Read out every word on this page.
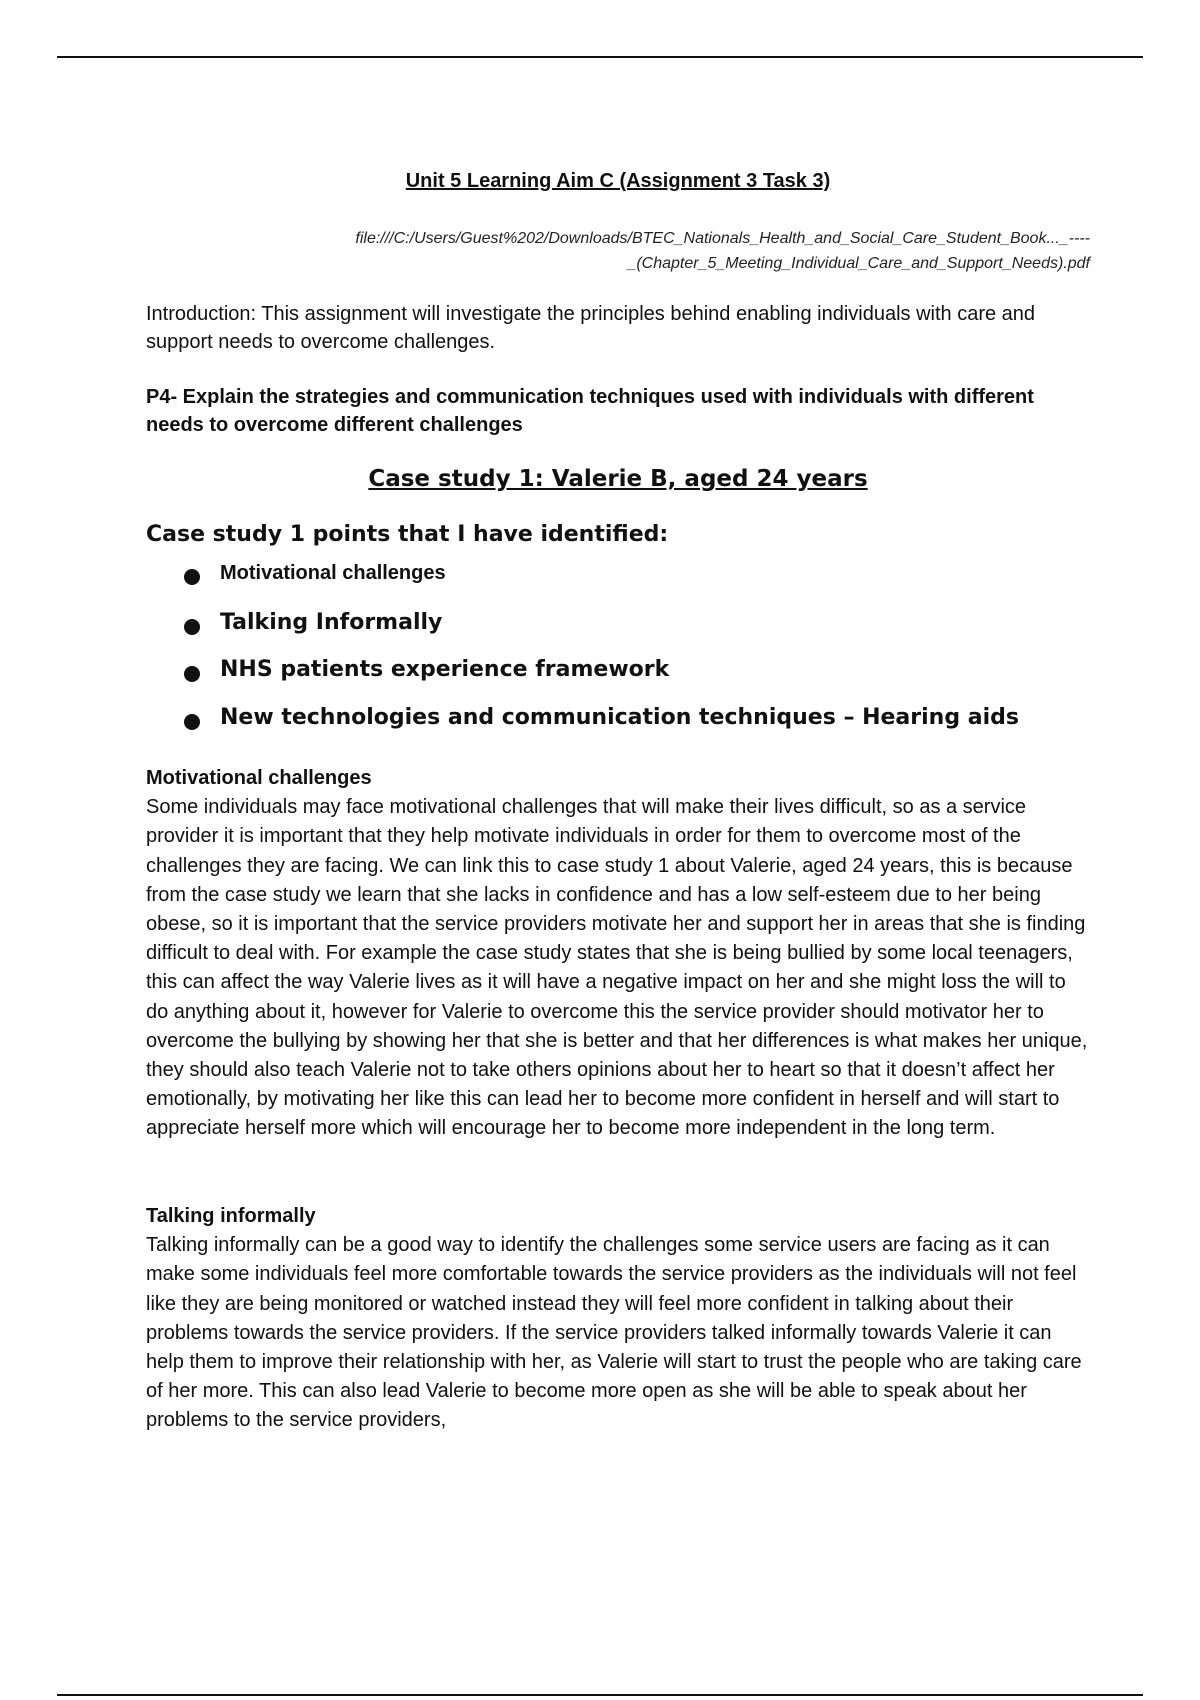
Unit 5 Learning Aim C (Assignment 3 Task 3)
file:///C:/Users/Guest%202/Downloads/BTEC_Nationals_Health_and_Social_Care_Student_Book..._----
_(Chapter_5_Meeting_Individual_Care_and_Support_Needs).pdf
Introduction: This assignment will investigate the principles behind enabling individuals with care and support needs to overcome challenges.
P4- Explain the strategies and communication techniques used with individuals with different needs to overcome different challenges
Case study 1: Valerie B, aged 24 years
Case study 1 points that I have identified:
Motivational challenges
Talking Informally
NHS patients experience framework
New technologies and communication techniques – Hearing aids
Motivational challenges

Some individuals may face motivational challenges that will make their lives difficult, so as a service provider it is important that they help motivate individuals in order for them to overcome most of the challenges they are facing. We can link this to case study 1 about Valerie, aged 24 years, this is because from the case study we learn that she lacks in confidence and has a low self-esteem due to her being obese, so it is important that the service providers motivate her and support her in areas that she is finding difficult to deal with. For example the case study states that she is being bullied by some local teenagers, this can affect the way Valerie lives as it will have a negative impact on her and she might loss the will to do anything about it, however for Valerie to overcome this the service provider should motivator her to overcome the bullying by showing her that she is better and that her differences is what makes her unique, they should also teach Valerie not to take others opinions about her to heart so that it doesn’t affect her emotionally, by motivating her like this can lead her to become more confident in herself and will start to appreciate herself more which will encourage her to become more independent in the long term.

Talking informally

Talking informally can be a good way to identify the challenges some service users are facing as it can make some individuals feel more comfortable towards the service providers as the individuals will not feel like they are being monitored or watched instead they will feel more confident in talking about their problems towards the service providers. If the service providers talked informally towards Valerie it can help them to improve their relationship with her, as Valerie will start to trust the people who are taking care of her more. This can also lead Valerie to become more open as she will be able to speak about her problems to the service providers,
